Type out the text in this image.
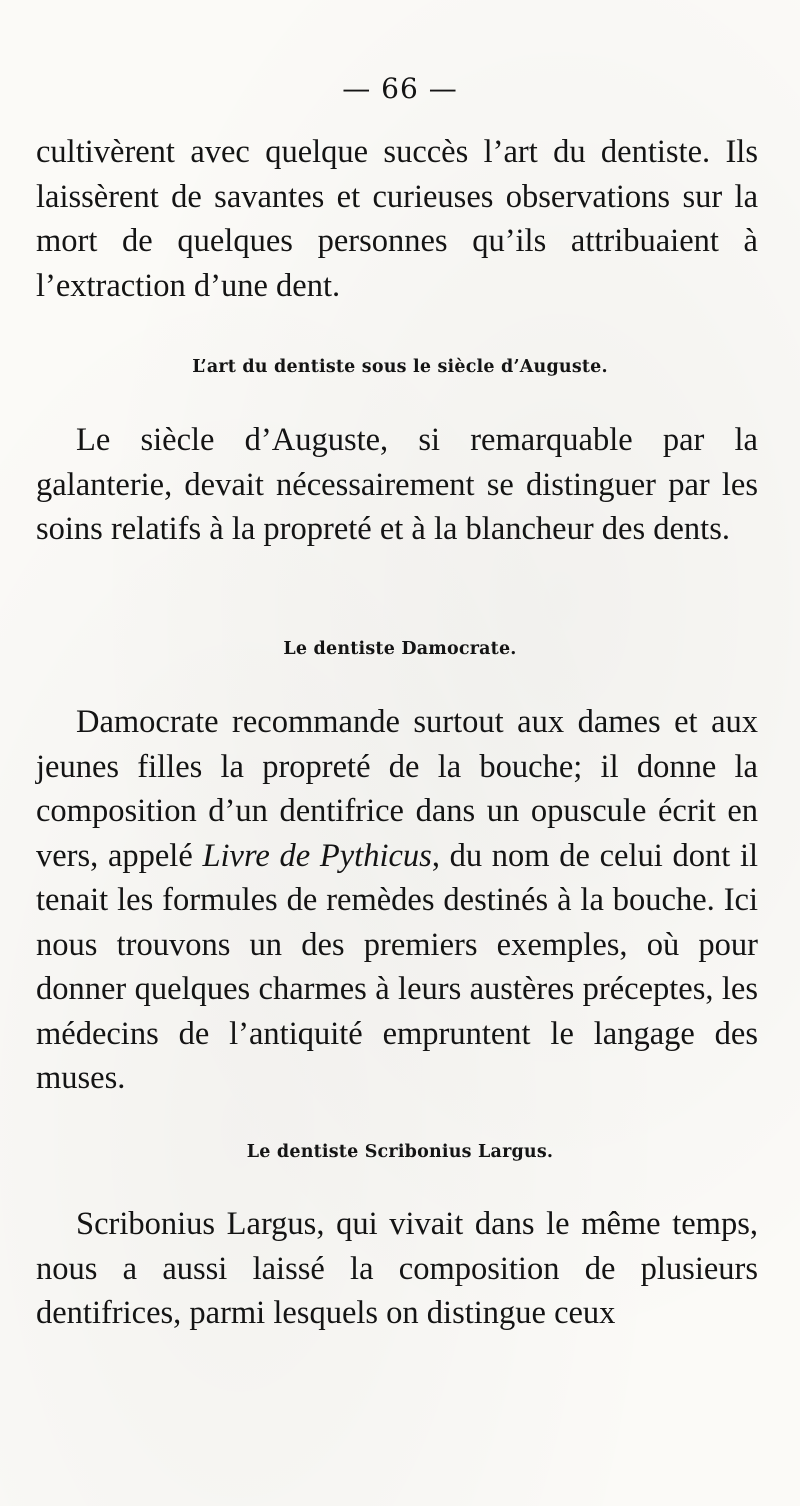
— 66 —

cultivèrent avec quelque succès l’art du dentiste. Ils laissèrent de savantes et curieuses observations sur la mort de quelques personnes qu’ils attribuaient à l’extraction d’une dent.

L’art du dentiste sous le siècle d’Auguste.

Le siècle d’Auguste, si remarquable par la galanterie, devait nécessairement se distinguer par les soins relatifs à la propreté et à la blancheur des dents.

Le dentiste Damocrate.

Damocrate recommande surtout aux dames et aux jeunes filles la propreté de la bouche; il donne la composition d’un dentifrice dans un opuscule écrit en vers, appelé Livre de Pythicus, du nom de celui dont il tenait les formules de remèdes destinés à la bouche. Ici nous trouvons un des premiers exemples, où pour donner quelques charmes à leurs austères préceptes, les médecins de l’antiquité empruntent le langage des muses.

Le dentiste Scribonius Largus.

Scribonius Largus, qui vivait dans le même temps, nous a aussi laissé la composition de plusieurs dentifrices, parmi lesquels on distingue ceux
